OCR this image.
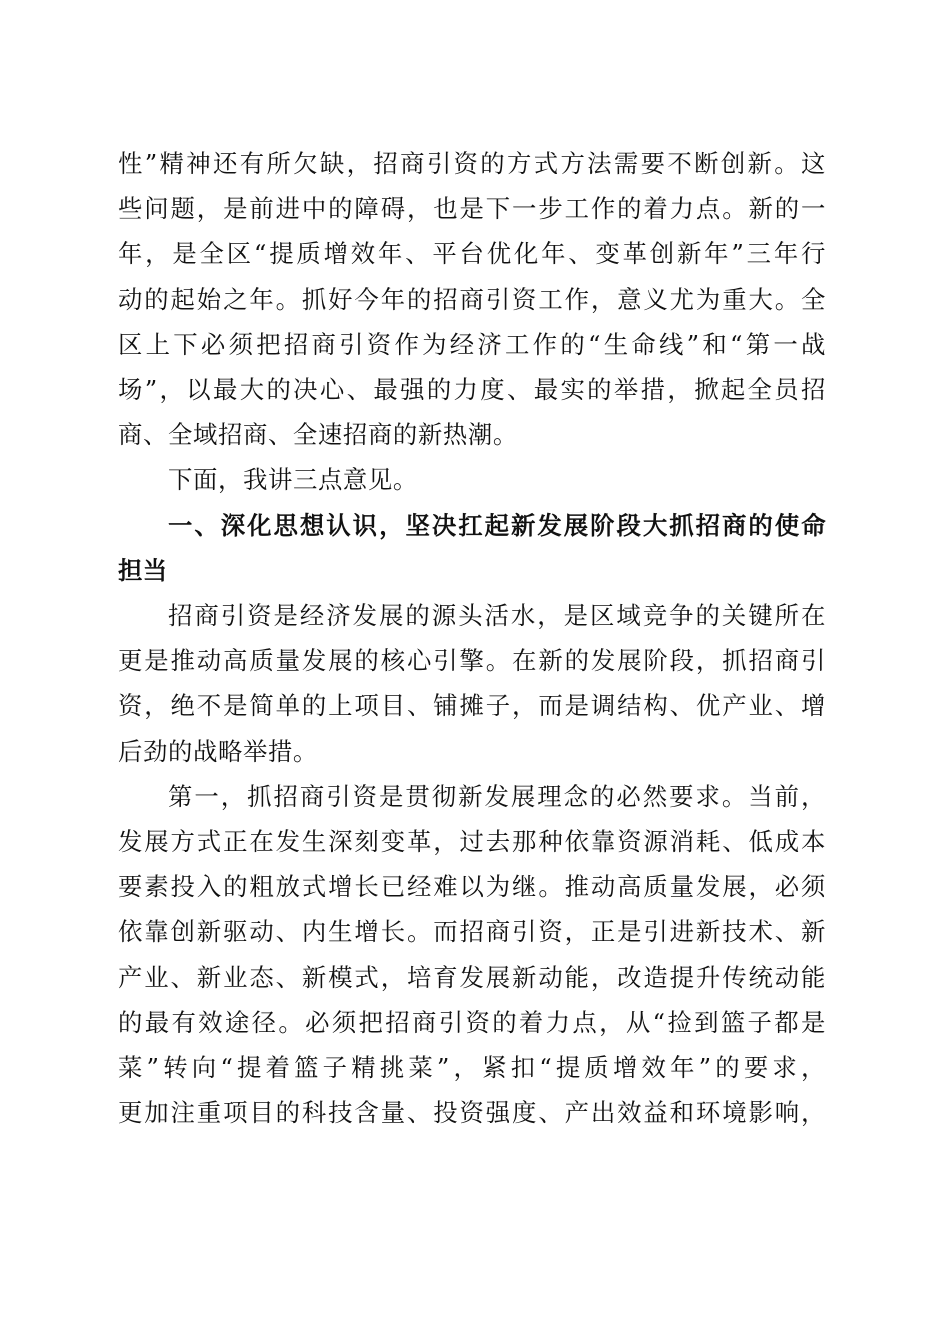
性”精神还有所欠缺，招商引资的方式方法需要不断创新。这
些问题，是前进中的障碍，也是下一步工作的着力点。新的一
年，是全区“提质增效年、平台优化年、变革创新年”三年行
动的起始之年。抓好今年的招商引资工作，意义尤为重大。全
区上下必须把招商引资作为经济工作的“生命线”和“第一战
场”，以最大的决心、最强的力度、最实的举措，掀起全员招
商、全域招商、全速招商的新热潮。
下面，我讲三点意见。
一、深化思想认识，坚决扛起新发展阶段大抓招商的使命
担当
招商引资是经济发展的源头活水，是区域竞争的关键所在
更是推动高质量发展的核心引擎。在新的发展阶段，抓招商引
资，绝不是简单的上项目、铺摊子，而是调结构、优产业、增
后劲的战略举措。
第一，抓招商引资是贯彻新发展理念的必然要求。当前，
发展方式正在发生深刻变革，过去那种依靠资源消耗、低成本
要素投入的粗放式增长已经难以为继。推动高质量发展，必须
依靠创新驱动、内生增长。而招商引资，正是引进新技术、新
产业、新业态、新模式，培育发展新动能，改造提升传统动能
的最有效途径。必须把招商引资的着力点，从“捡到篮子都是
菜”转向“提着篮子精挑菜”，紧扣“提质增效年”的要求，
更加注重项目的科技含量、投资强度、产出效益和环境影响，
